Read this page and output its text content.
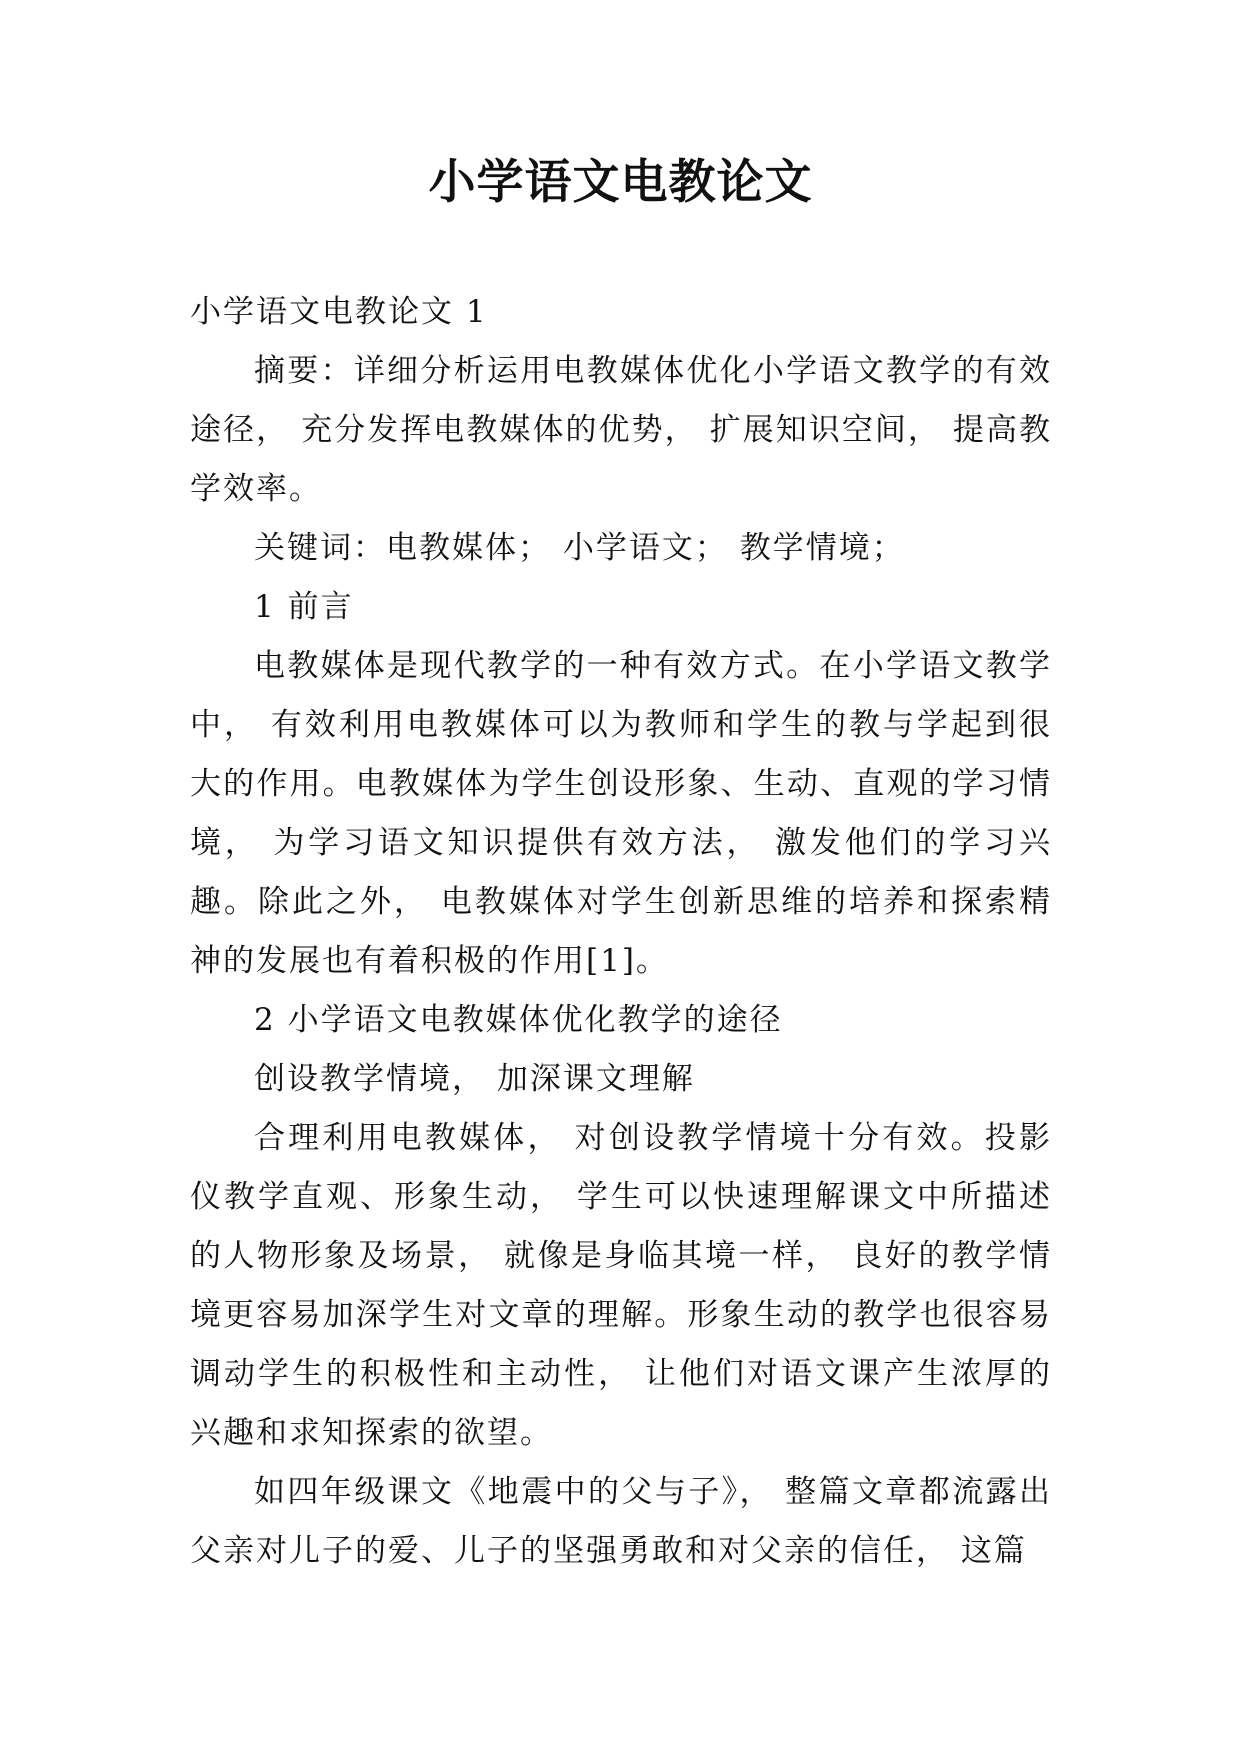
小学语文电教论文

小学语文电教论文 1

摘要：详细分析运用电教媒体优化小学语文教学的有效途径， 充分发挥电教媒体的优势， 扩展知识空间， 提高教学效率。

关键词：电教媒体； 小学语文； 教学情境；

1 前言

电教媒体是现代教学的一种有效方式。在小学语文教学中， 有效利用电教媒体可以为教师和学生的教与学起到很大的作用。电教媒体为学生创设形象、生动、直观的学习情境， 为学习语文知识提供有效方法， 激发他们的学习兴趣。除此之外， 电教媒体对学生创新思维的培养和探索精神的发展也有着积极的作用[1]。

2 小学语文电教媒体优化教学的途径

创设教学情境， 加深课文理解

合理利用电教媒体， 对创设教学情境十分有效。投影仪教学直观、形象生动， 学生可以快速理解课文中所描述的人物形象及场景， 就像是身临其境一样， 良好的教学情境更容易加深学生对文章的理解。形象生动的教学也很容易调动学生的积极性和主动性， 让他们对语文课产生浓厚的兴趣和求知探索的欲望。

如四年级课文《地震中的父与子》， 整篇文章都流露出父亲对儿子的爱、儿子的坚强勇敢和对父亲的信任， 这篇
